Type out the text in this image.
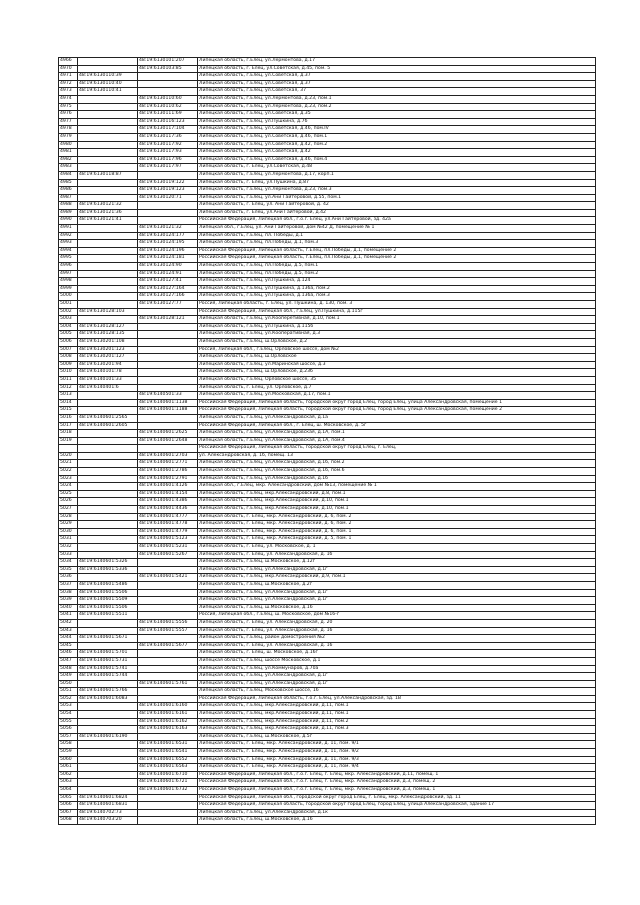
4966		48:19:6130101:207	Липецкая область, г.Елец, ул.Лермонтова, д.17
4970		48:19:6130103:85	Липецкая область, г. Елец, ул.Советская, д.45, пом. 5
4971	48:19:6130110:39		Липецкая область, г.Елец, ул.Советская, д.37
4972	48:19:6130110:40		Липецкая область, г.Елец, ул.Советская, д.37
4973	48:19:6130110:41		Липецкая область, г.Елец, ул.Советская, 37
4974		48:19:6130110:60	Липецкая область, г.Елец, ул.Лермонтова, д.23, пом.1
4975		48:19:6130110:62	Липецкая область, г.Елец, ул.Лермонтова, д.23, пом.2
4976		48:19:6130111:69	Липецкая область, г.Елец, ул.Советская, д.35
4977		48:19:6130116:123	Липецкая область, г.Елец, ул.Пушкина, д.7б
4978		48:19:6130117:104	Липецкая область, г.Елец, ул.Советская, д.46, пом.IV
4979		48:19:6130117:36	Липецкая область, г.Елец, ул.Советская, д.46, пом.1
4980		48:19:6130117:92	Липецкая область, г.Елец, ул.Советская, д.42, пом.2
4981		48:19:6130117:93	Липецкая область, г.Елец, ул.Советская, д.42
4982		48:19:6130117:96	Липецкая область, г.Елец, ул.Советская, д.46, пом.4
4983		48:19:6130117:97	Липецкая область, г. Елец, ул.Советская, д.48
4984	48:19:6130118:87		Липецкая область, г.Елец, ул.Лермонтова, д.17, корп.1
4985		48:19:6130119:122	Липецкая область, г. Елец, ул.Пушкина, д.87
4986		48:19:6130119:123	Липецкая область, г.Елец, ул.Лермонтова, д.23, пом.3
4987		48:19:6130120:71	Липецкая область, г.Елец, ул.Ани Гайтеровой, д.55, пом.1
4988	48:19:6130121:32		Липецкая область, г. Елец, ул. Ани Гайтеровой, д. 42
4989	48:19:6130121:36		Липецкая область, г. Елец, ул.Ани Гайтеровой, д.42
4990	48:19:6130121:41		Российская Федерация, Липецкая обл., г.о.г. Елец, ул.Ани Гайтеровой, зд. 42а
4991		48:19:6130121:32	Липецкая обл., г.Елец, ул. Ани Гайтеровой, дом №42 Д, помещение № 1
4992		48:19:6130124:177	Липецкая область, г.Елец, пл. Победы, д.1
4993		48:19:6130124:195	Липецкая область, г.Елец, пл.Победы, д.1, пом.3
4994		48:19:6130124:196	Российская Федерация, Липецкая область, г.Елец, пл.Победы, д.1, помещение 2
4995		48:19:6130124:181	Российская Федерация, Липецкая область, г.Елец, пл.Победы, д.1, помещение 2
4996		48:19:6130124:90	Липецкая область, г.Елец, пл.Победы, д.5, пом.1
4997		48:19:6130124:91	Липецкая область, г.Елец, пл.Победы, д.5, пом.2
4998		48:19:6130127:41	Липецкая область, г.Елец, ул.Пушкина, д.124
4999		48:19:6130127:164	Липецкая область, г.Елец, ул.Пушкина, д.136а, пом.2
5000		48:19:6130127:166	Липецкая область, г.Елец, ул.Пушкина, д.136а, пом.3
5001		48:19:6130127:77	Россия, Липецкая область, г. Елец, ул. Пушкина, д. 130, пом. 3
5002	48:19:6130128:103		Российская Федерация, Липецкая обл., г.Елец, ул.Пушкина, д.115г
5003		48:19:6130128:121	Липецкая область, г.Елец, ул.Кооперетивная, д.10, пом.1
5004	48:19:6130128:127		Липецкая область, г.Елец, ул.Пушкина, д.115б
5005	48:19:6130128:135		Липецкая область, г.Елец, ул.Кооперативная, д.3
5006	48:19:6130201:108		Липецкая область, г.Елец, ш.Орловское, д.2
5007	48:19:6130201:123		Россия, Липецкая обл., г.Елец, Орловское шоссе, дом №2
5008	48:19:6130201:127		Липецкая область, г.Елец, ш.Орловское
5009	48:19:6130201:94		Липецкая область, г.Елец, ул.Маринская шоссе, д.3
5010	48:19:6140101:78		Липецкая область, г.Елец, ш.Орловское, д.23б
5011	48:19:6140101:33		Липецкая область, г.Елец, Орловское шоссе, 35
5012	48:19:6140401:6		Липецкая область, г. Елец, ул. Орловское, д.7
5013		48:19:6140501:33	Липецкая область, г.Елец, ул.Московская, д.17, пом.1
5014		48:19:6140601:1138	Российская Федерация, Липецкая область, городской округ город Елец, город Елец, улица Александровская, помещение 1
5015		48:19:6140601:1188	Российская Федерация, Липецкая область, городской округ город Елец, город Елец, улица Александровская, помещение 2
5016	48:19:6140601:2565		Липецкая область, г.Елец, ул.Александровская, д.1а
5017	48:19:6140601:2605		Российская Федерация, Липецкая обл., г. Елец, ш. Московское, д. 5г
5018		48:19:6140601:2625	Липецкая область, г.Елец, ул.Александровская, д.1А, пом.1
5019		48:19:6140601:2648	Липецкая область, г.Елец, ул.Александровская, д.1А, пом.4
			Российская Федерация, Липецкая область, городской округ город Елец, г. Елец,
5020		48:19:6140601:2703	ул. Александровская, д. 1б, помещ. 13
5021		48:19:6140601:2771	Липецкая область, г.Елец, ул.Александровская, д.1б, пом.2
5022		48:19:6140601:2786	Липецкая область, г.Елец, ул.Александровская, д.1б, пом.6
5023		48:19:6140601:2791	Липецкая область, г.Елец, ул.Александровская, д.1б
5024		48:19:6140601:4126	Липецкая обл., г.Елец, мкр. Александровский, дом №13, помещение № 1
5025		48:19:6140601:4154	Липецкая область, г.Елец, мкр.Александровский, д.8, пом.1
5026		48:19:6140601:4386	Липецкая область, г.Елец, мкр.Александровский, д.10, пом.1
5027		48:19:6140601:4436	Липецкая область, г.Елец, мкр.Александровский, д.10, пом.1
5028		48:19:6140601:4777	Липецкая область, г. Елец, мкр. Александровский, д. 6, пом. 2
5029		48:19:6140601:4778	Липецкая область, г. Елец, мкр. Александровский, д. 6, пом. 2
5030		48:19:6140601:4779	Липецкая область, г. Елец, мкр. Александровский, д. 6, пом. 1
5031		48:19:6140601:5123	Липецкая область, г. Елец, мкр. Александровский, д. 5, пом. 1
5032		48:19:6140601:5231	Липецкая область, г. Елец, ул. Московское, д. 1
5033		48:19:6140601:5267	Липецкая область, г. Елец, ул. Александровская, д. 1б
5034	48:19:6140601:5326		Липецкая область, г.Елец, ш.Московское, д.12г
5035	48:19:6140601:5336		Липецкая область, г.Елец, ул.Александровская, д.1г
5036		48:19:6140601:5421	Липецкая область, г.Елец, мкр.Александровский, д.9, пом.1
5037	48:19:6140601:5486		Липецкая область, г.Елец, ш.Московское, д.2г
5038	48:19:6140601:5506		Липецкая область, г.Елец, ул.Александровская, д.1г
5039	48:19:6140601:5509		Липецкая область, г.Елец, ул.Александровская, д.1г
5040	48:19:6140601:5506		Липецкая область, г.Елец, ш.Московское, д.16
5041	48:19:6140601:5511		Россия, Липецкая обл., г.Елец, ш. Московское, дом №16-г
5042		48:19:6140601:5556	Липецкая область, г. Елец, ул. Александровская, д. 20
5043		48:19:6140601:5557	Липецкая область, г. Елец, ул. Александровская, д. 16
5044	48:19:6140601:5671		Липецкая область, г.Елец, район домостроения №2
5045		48:19:6140601:5677	Липецкая область, г. Елец, ул. Александровская, д. 16
5046	48:19:6140601:5701		Липецкая область, г. Елец, ш. Московское, д.16г
5047	48:19:6140601:5731		Липецкая область, г.Елец, шоссе Московское, д.1
5048	48:19:6140601:5741		Липецкая область, г.Елец, ул.Коммунаров, д.70а
5049	48:19:6140601:5744		Липецкая область, г.Елец, ул.Александровская, д.1г
5050		48:19:6140601:5761	Липецкая область, г.Елец, ул.Александровская, д.1г
5051	48:19:6140601:5766		Липецкая область, г.Елец, Московское шоссе, 16
5052	48:19:6140601:6083		Российская Федерация, Липецкая область, г.о.г. Елец, ул.Александровская, зд. 1В
5053		48:19:6140601:6160	Липецкая область, г.Елец, мкр.Александровский, д.11, пом.1
5054		48:19:6140601:6161	Липецкая область, г.Елец, мкр.Александровский, д.11, пом.1
5055		48:19:6140601:6162	Липецкая область, г.Елец, мкр.Александровский, д.11, пом.2
5056		48:19:6140601:6163	Липецкая область, г.Елец, мкр.Александровский, д.11, пом.3
5057	48:19:6140601:6190		Липецкая область, г.Елец, ш.Московское, д.5г
5058		48:19:6140601:6531	Липецкая область, г. Елец, мкр. Александровский, д. 11, пом. 9/1
5059		48:19:6140601:6541	Липецкая область, г. Елец, мкр. Александровский, д. 11, пом. 9/2
5060		48:19:6140601:6552	Липецкая область, г. Елец, мкр. Александровский, д. 11, пом. 9/3
5061		48:19:6140601:6563	Липецкая область, г. Елец, мкр. Александровский, д. 11, пом. 9/4
5062		48:19:6140601:6710	Российская Федерация, Липецкая обл., г.о.г. Елец, г. Елец, мкр. Александровский, д.11, помещ. 1
5063		48:19:6140601:6721	Российская Федерация, Липецкая обл., г.о.г. Елец, г. Елец, мкр. Александровский, д.3, помещ. 2
5064		48:19:6140601:6732	Российская Федерация, Липецкая обл., г.о.г. Елец, г. Елец, мкр. Александровский, д.3, помещ. 1
5065	48:19:6140601:6824		Российская Федерация, Липецкая обл., городской округ город Елец, г. Елец, мкр. Александровский, зд. 11
5066	48:19:6140601:6831		Российская Федерация, Липецкая область, городской округ город Елец, город Елец, улица Александровская, здание 17
5067	48:19:6140702:73		Липецкая область, г.Елец, ул.Александровская, д.1к
5068	48:19:6140703:20		Липецкая область, г.Елец, ш.Московское, д.16
